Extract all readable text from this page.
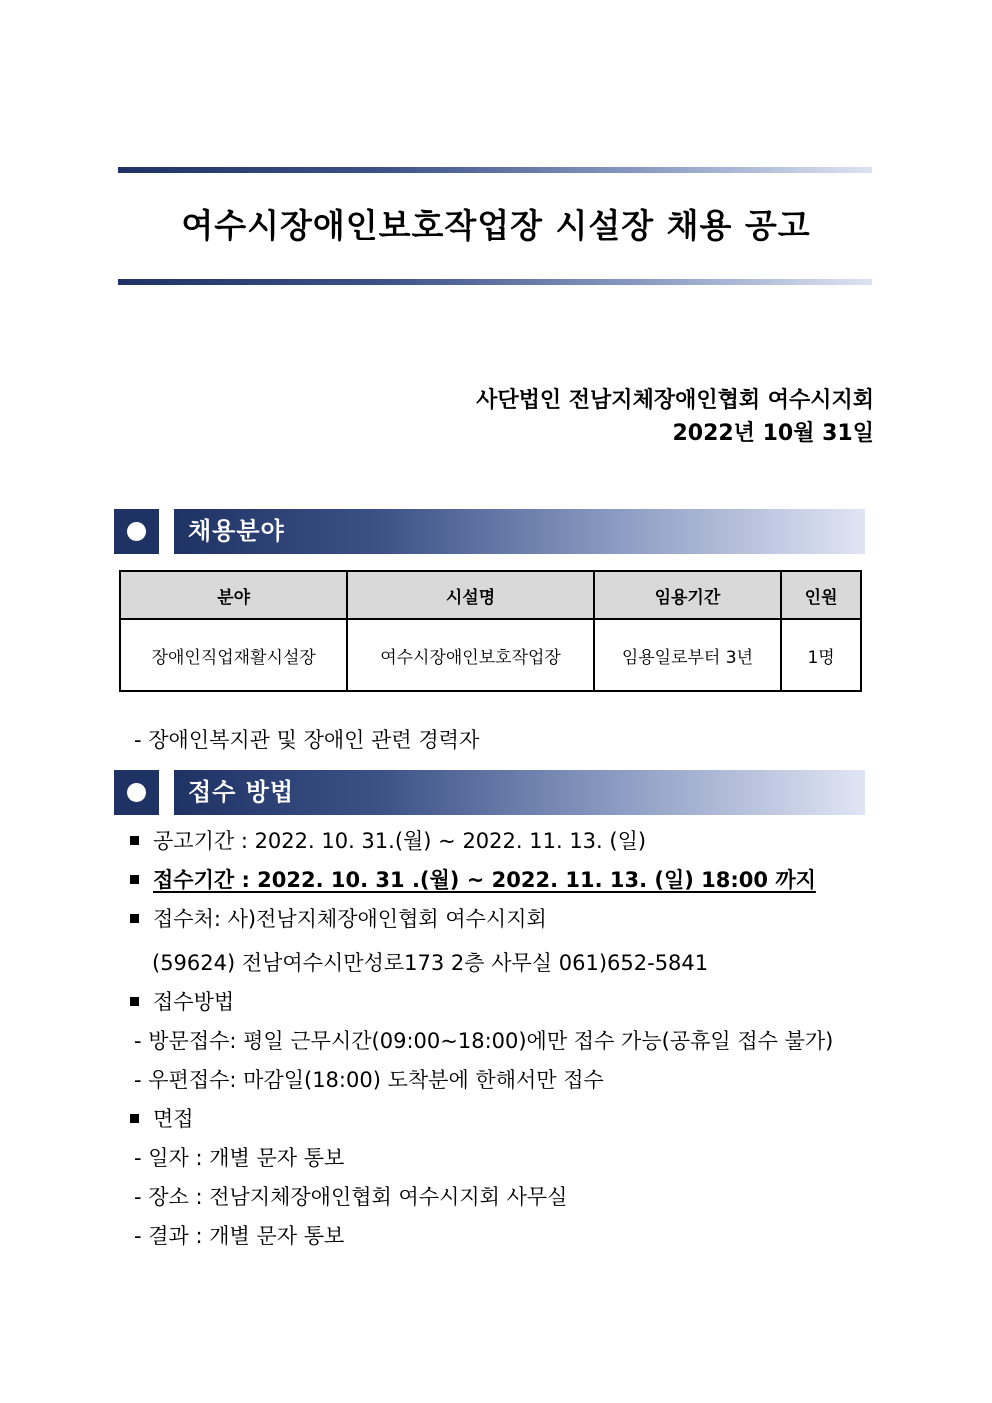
여수시장애인보호작업장 시설장 채용 공고
사단법인 전남지체장애인협회 여수시지회
2022년 10월 31일
채용분야
분야	시설명	임용기간	인원
장애인직업재활시설장	여수시장애인보호작업장	임용일로부터 3년	1명
- 장애인복지관 및 장애인 관련 경력자
접수 방법
공고기간 : 2022. 10. 31.(월) ~ 2022. 11. 13. (일)
접수기간 : 2022. 10. 31 .(월) ~ 2022. 11. 13. (일) 18:00 까지
접수처: 사)전남지체장애인협회 여수시지회
(59624) 전남여수시만성로173 2층 사무실 061)652-5841
접수방법
- 방문접수: 평일 근무시간(09:00~18:00)에만 접수 가능(공휴일 접수 불가)
- 우편접수: 마감일(18:00) 도착분에 한해서만 접수
면접
- 일자 : 개별 문자 통보
- 장소 : 전남지체장애인협회 여수시지회 사무실
- 결과 : 개별 문자 통보
